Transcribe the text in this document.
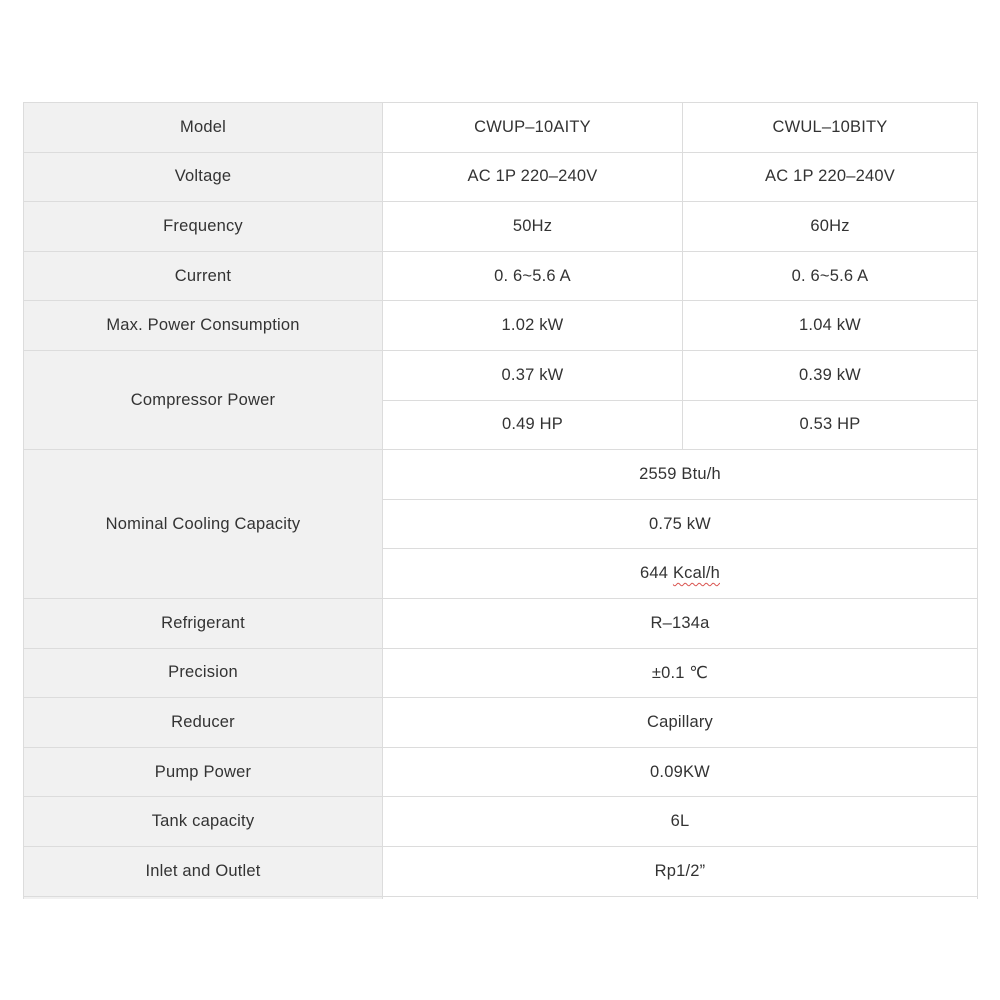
Model	CWUP–10AITY	CWUL–10BITY
Voltage	AC 1P 220–240V	AC 1P 220–240V
Frequency	50Hz	60Hz
Current	0. 6~5.6 A	0. 6~5.6 A
Max. Power Consumption	1.02 kW	1.04 kW
Compressor Power	0.37 kW	0.39 kW
	0.49 HP	0.53 HP
Nominal Cooling Capacity	2559 Btu/h	
	0.75 kW	
	644 Kcal/h	
Refrigerant	R–134a	
Precision	±0.1 ℃	
Reducer	Capillary	
Pump Power	0.09KW	
Tank capacity	6L	
Inlet and Outlet	Rp1/2”	
